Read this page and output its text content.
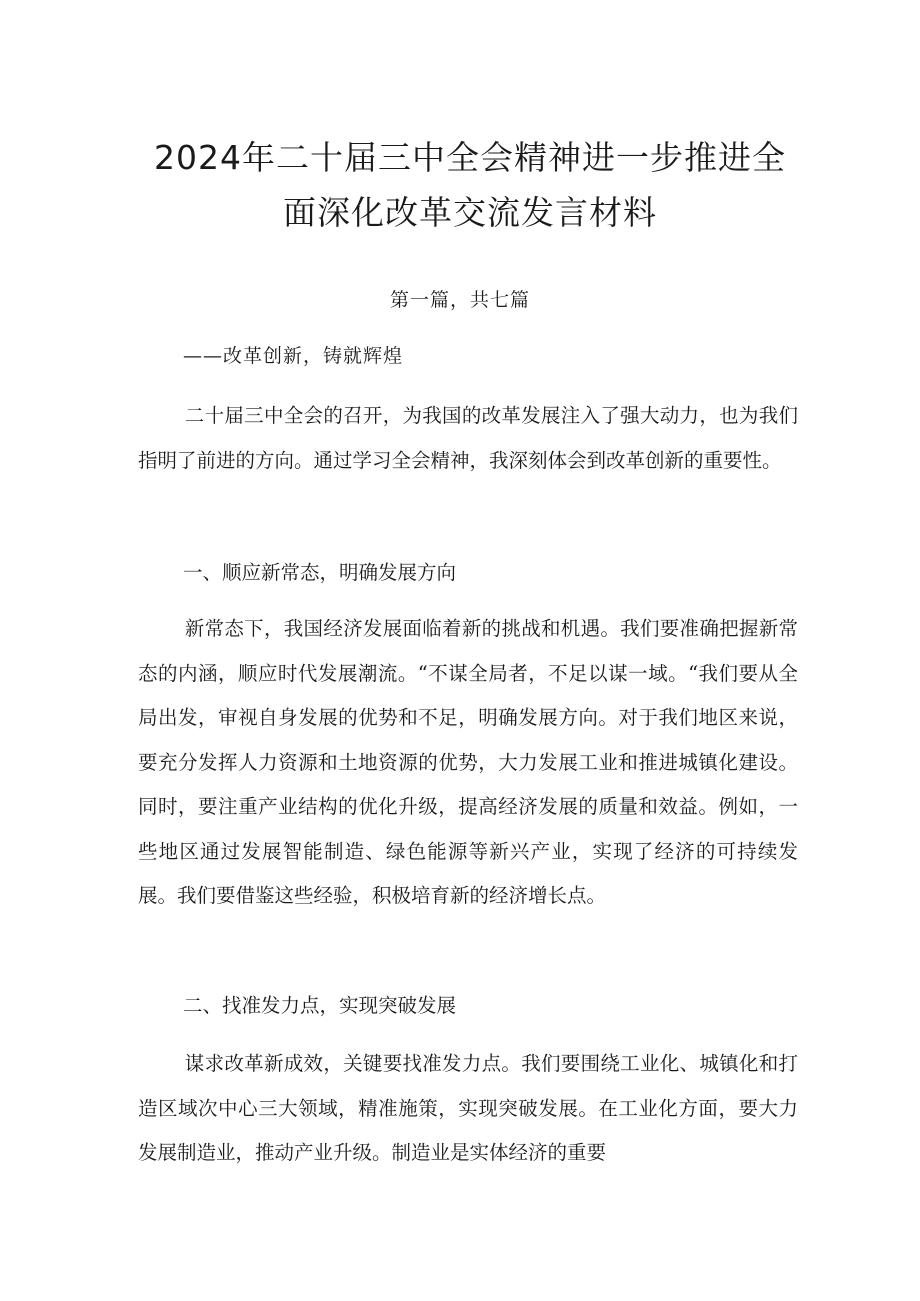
2024年二十届三中全会精神进一步推进全
面深化改革交流发言材料
第一篇，共七篇
——改革创新，铸就辉煌

二十届三中全会的召开，为我国的改革发展注入了强大动力，也为我们指明了前进的方向。通过学习全会精神，我深刻体会到改革创新的重要性。

一、顺应新常态，明确发展方向

新常态下，我国经济发展面临着新的挑战和机遇。我们要准确把握新常态的内涵，顺应时代发展潮流。“不谋全局者，不足以谋一域。“我们要从全局出发，审视自身发展的优势和不足，明确发展方向。对于我们地区来说，要充分发挥人力资源和土地资源的优势，大力发展工业和推进城镇化建设。同时，要注重产业结构的优化升级，提高经济发展的质量和效益。例如，一些地区通过发展智能制造、绿色能源等新兴产业，实现了经济的可持续发展。我们要借鉴这些经验，积极培育新的经济增长点。

二、找准发力点，实现突破发展

谋求改革新成效，关键要找准发力点。我们要围绕工业化、城镇化和打造区域次中心三大领域，精准施策，实现突破发展。在工业化方面，要大力发展制造业，推动产业升级。制造业是实体经济的重要
